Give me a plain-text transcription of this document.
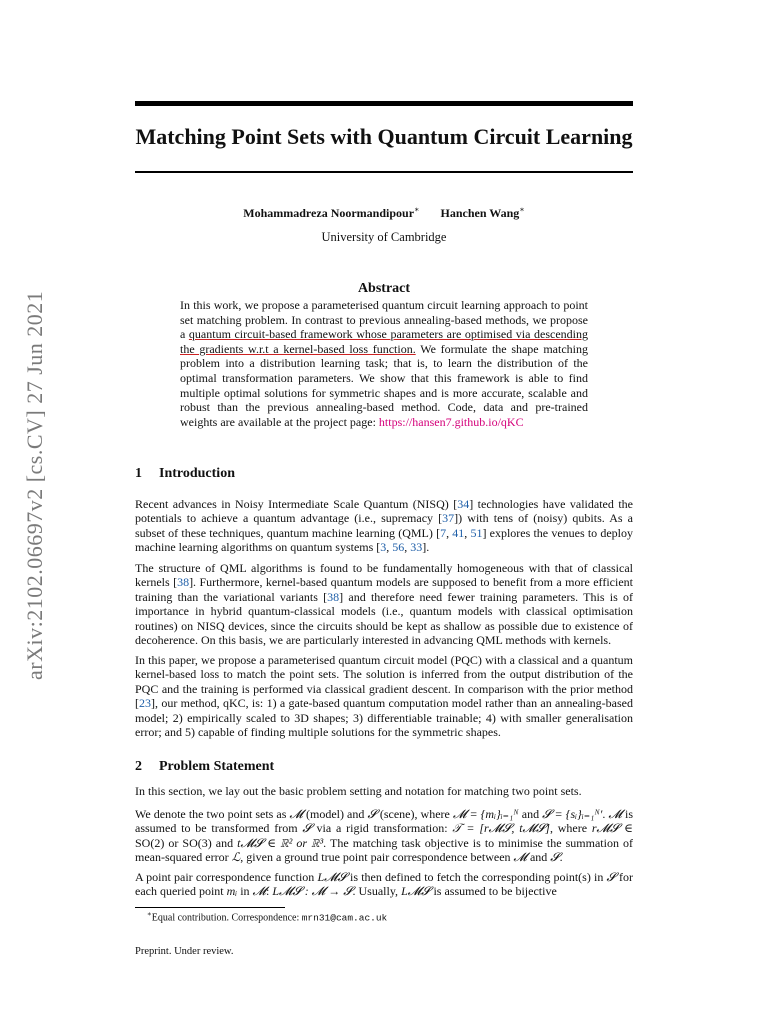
arXiv:2102.06697v2 [cs.CV] 27 Jun 2021
Matching Point Sets with Quantum Circuit Learning
Mohammadreza Noormandipour∗ Hanchen Wang∗
University of Cambridge
Abstract

In this work, we propose a parameterised quantum circuit learning approach to point set matching problem. In contrast to previous annealing-based methods, we propose a quantum circuit-based framework whose parameters are optimised via descending the gradients w.r.t a kernel-based loss function. We formulate the shape matching problem into a distribution learning task; that is, to learn the distribution of the optimal transformation parameters. We show that this framework is able to find multiple optimal solutions for symmetric shapes and is more accurate, scalable and robust than the previous annealing-based method. Code, data and pre-trained weights are available at the project page: https://hansen7.github.io/qKC

1 Introduction

Recent advances in Noisy Intermediate Scale Quantum (NISQ) [34] technologies have validated the potentials to achieve a quantum advantage (i.e., supremacy [37]) with tens of (noisy) qubits. As a subset of these techniques, quantum machine learning (QML) [7, 41, 51] explores the venues to deploy machine learning algorithms on quantum systems [3, 56, 33].

The structure of QML algorithms is found to be fundamentally homogeneous with that of classical kernels [38]. Furthermore, kernel-based quantum models are supposed to benefit from a more efficient training than the variational variants [38] and therefore need fewer training parameters. This is of importance in hybrid quantum-classical models (i.e., quantum models with classical optimisation routines) on NISQ devices, since the circuits should be kept as shallow as possible due to existence of decoherence. On this basis, we are particularly interested in advancing QML methods with kernels.

In this paper, we propose a parameterised quantum circuit model (PQC) with a classical and a quantum kernel-based loss to match the point sets. The solution is inferred from the output distribution of the PQC and the training is performed via classical gradient descent. In comparison with the prior method [23], our method, qKC, is: 1) a gate-based quantum computation model rather than an annealing-based model; 2) empirically scaled to 3D shapes; 3) differentiable trainable; 4) with smaller generalisation error; and 5) capable of finding multiple solutions for the symmetric shapes.

2 Problem Statement

In this section, we lay out the basic problem setting and notation for matching two point sets.

We denote the two point sets as 𝓜 (model) and 𝓢 (scene), where 𝓜 = {mᵢ}ᵢ₌₁ᴺ and 𝓢 = {sᵢ}ᵢ₌₁ᴺ′. 𝓜 is assumed to be transformed from 𝓢 via a rigid transformation: 𝒯 = [r𝓜𝓢, t𝓜𝓢], where r𝓜𝓢 ∈ SO(2) or SO(3) and t𝓜𝓢 ∈ ℝ² or ℝ³. The matching task objective is to minimise the summation of mean-squared error ℒ, given a ground true point pair correspondence between 𝓜 and 𝓢.

A point pair correspondence function L𝓜𝓢 is then defined to fetch the corresponding point(s) in 𝓢 for each queried point mᵢ in 𝓜: L𝓜𝓢 : 𝓜 → 𝓢. Usually, L𝓜𝓢 is assumed to be bijective

∗Equal contribution. Correspondence: mrn31@cam.ac.uk
Preprint. Under review.
